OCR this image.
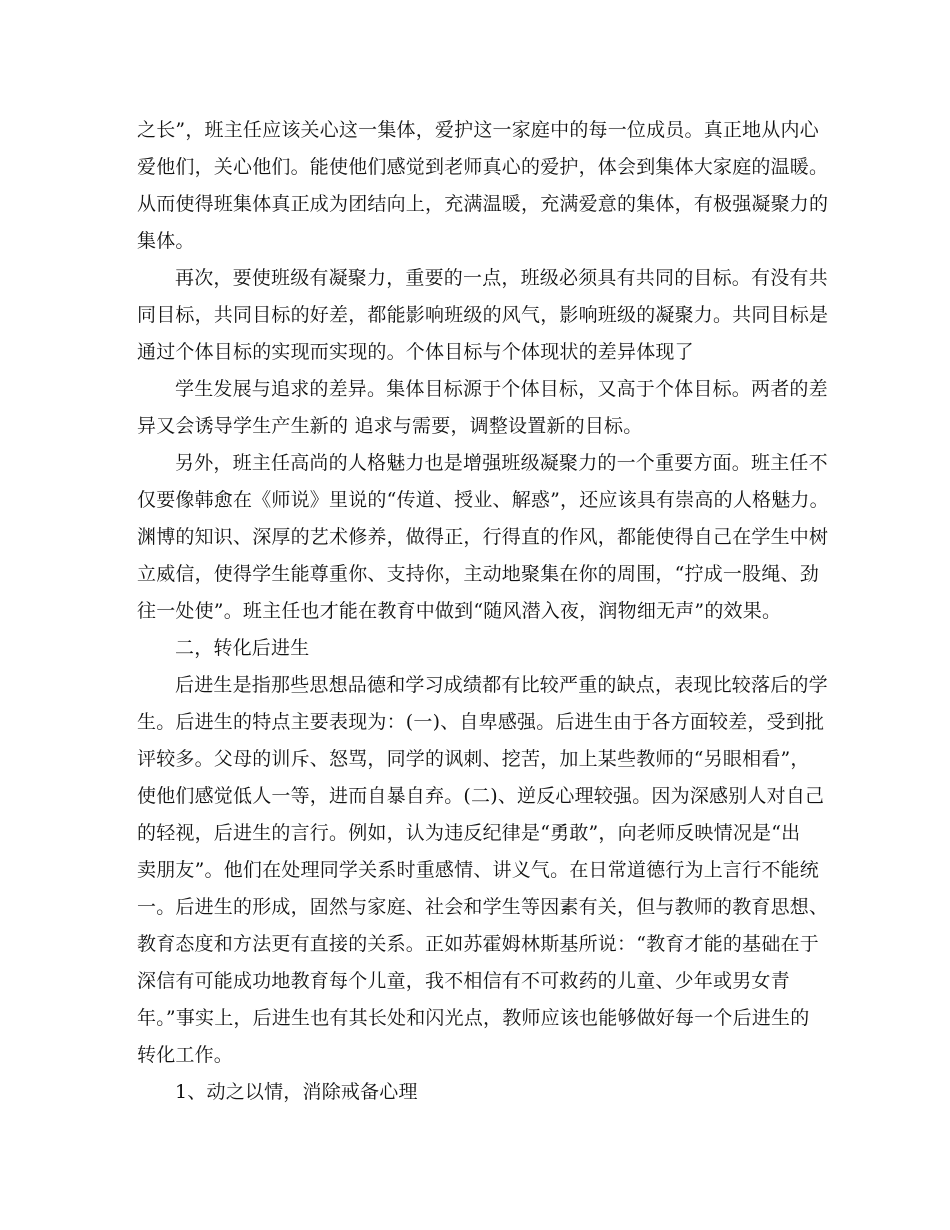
之长”，班主任应该关心这一集体，爱护这一家庭中的每一位成员。真正地从内心
爱他们，关心他们。能使他们感觉到老师真心的爱护，体会到集体大家庭的温暖。
从而使得班集体真正成为团结向上，充满温暖，充满爱意的集体，有极强凝聚力的
集体。
再次，要使班级有凝聚力，重要的一点，班级必须具有共同的目标。有没有共
同目标，共同目标的好差，都能影响班级的风气，影响班级的凝聚力。共同目标是
通过个体目标的实现而实现的。个体目标与个体现状的差异体现了
学生发展与追求的差异。集体目标源于个体目标，又高于个体目标。两者的差
异又会诱导学生产生新的 追求与需要，调整设置新的目标。
另外，班主任高尚的人格魅力也是增强班级凝聚力的一个重要方面。班主任不
仅要像韩愈在《师说》里说的“传道、授业、解惑”，还应该具有崇高的人格魅力。
渊博的知识、深厚的艺术修养，做得正，行得直的作风，都能使得自己在学生中树
立威信，使得学生能尊重你、支持你，主动地聚集在你的周围，“拧成一股绳、劲
往一处使”。班主任也才能在教育中做到“随风潜入夜，润物细无声”的效果。
二，转化后进生
后进生是指那些思想品德和学习成绩都有比较严重的缺点，表现比较落后的学
生。后进生的特点主要表现为：(一)、自卑感强。后进生由于各方面较差，受到批
评较多。父母的训斥、怒骂，同学的讽刺、挖苦，加上某些教师的“另眼相看”，
使他们感觉低人一等，进而自暴自弃。(二)、逆反心理较强。因为深感别人对自己
的轻视，后进生的言行。例如，认为违反纪律是“勇敢”，向老师反映情况是“出
卖朋友”。他们在处理同学关系时重感情、讲义气。在日常道德行为上言行不能统
一。后进生的形成，固然与家庭、社会和学生等因素有关，但与教师的教育思想、
教育态度和方法更有直接的关系。正如苏霍姆林斯基所说：“教育才能的基础在于
深信有可能成功地教育每个儿童，我不相信有不可救药的儿童、少年或男女青
年。”事实上，后进生也有其长处和闪光点，教师应该也能够做好每一个后进生的
转化工作。
1、动之以情，消除戒备心理
